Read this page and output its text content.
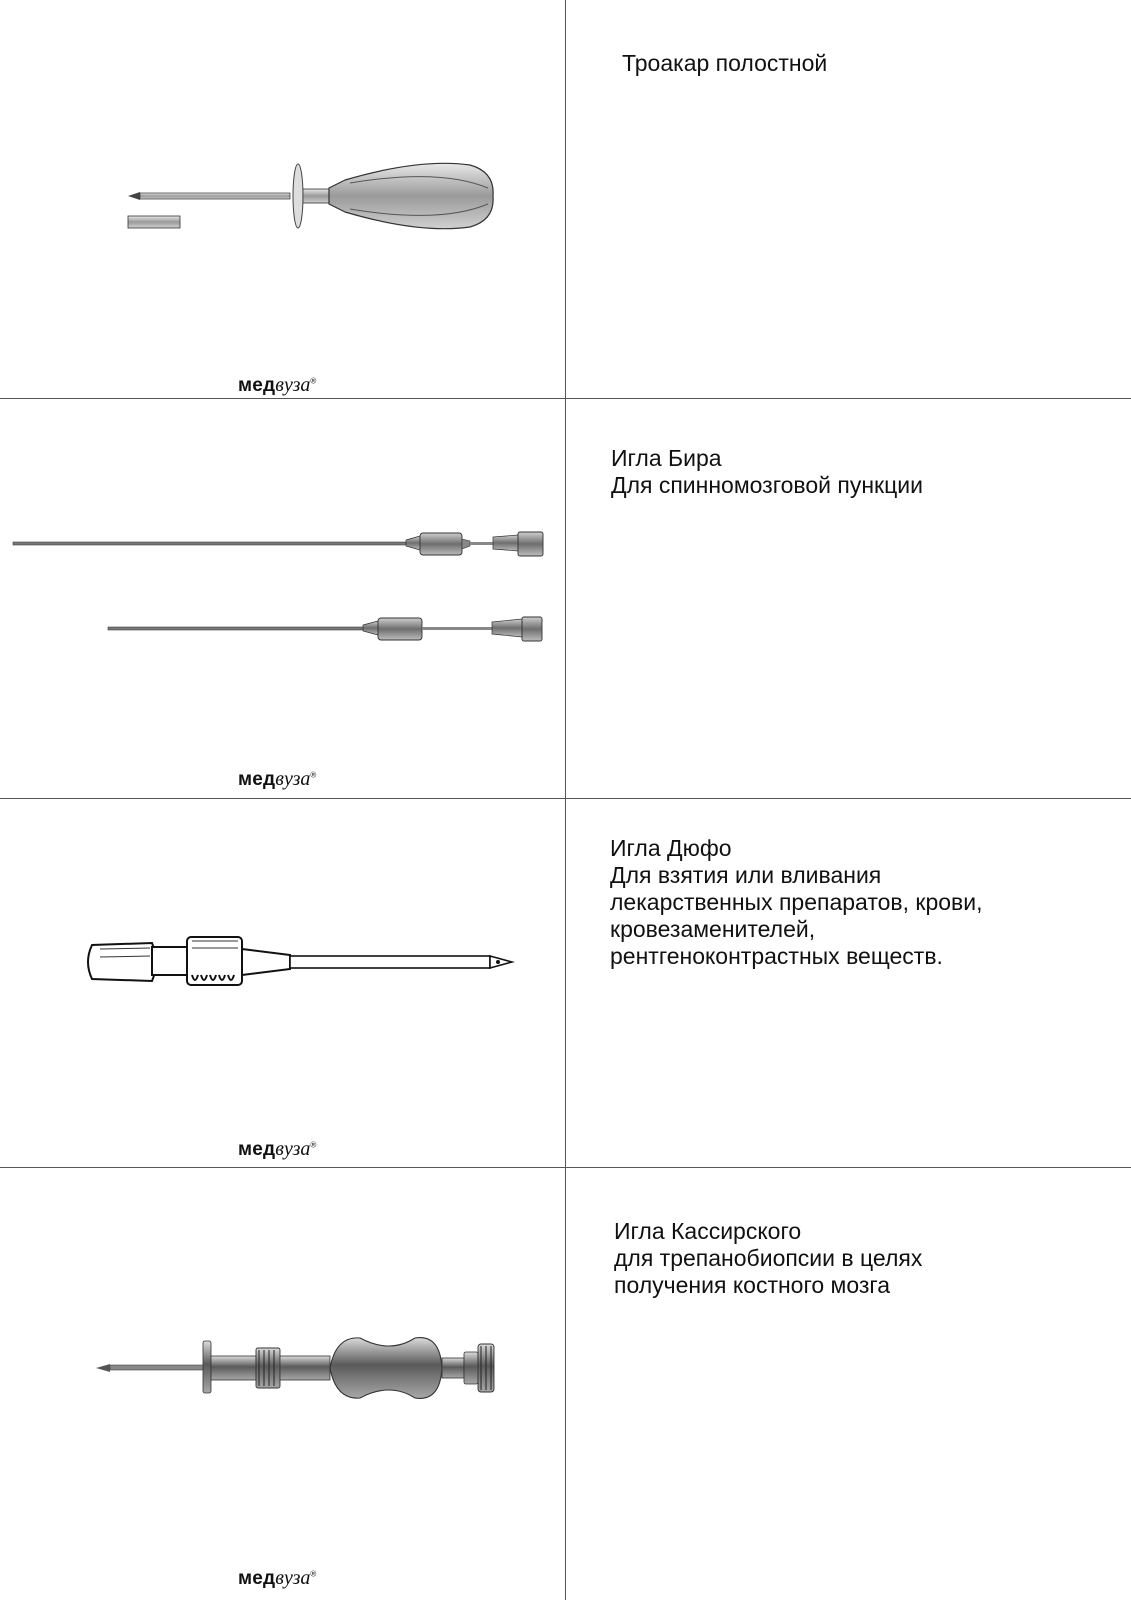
медвуза®
Троакар полостной
медвуза®
Игла Бира
Для спинномозговой пункции
медвуза®
Игла Дюфо
Для взятия или вливания
лекарственных препаратов, крови,
кровезаменителей,
рентгеноконтрастных веществ.
медвуза®
Игла Кассирского
для трепанобиопсии в целях
получения костного мозга
